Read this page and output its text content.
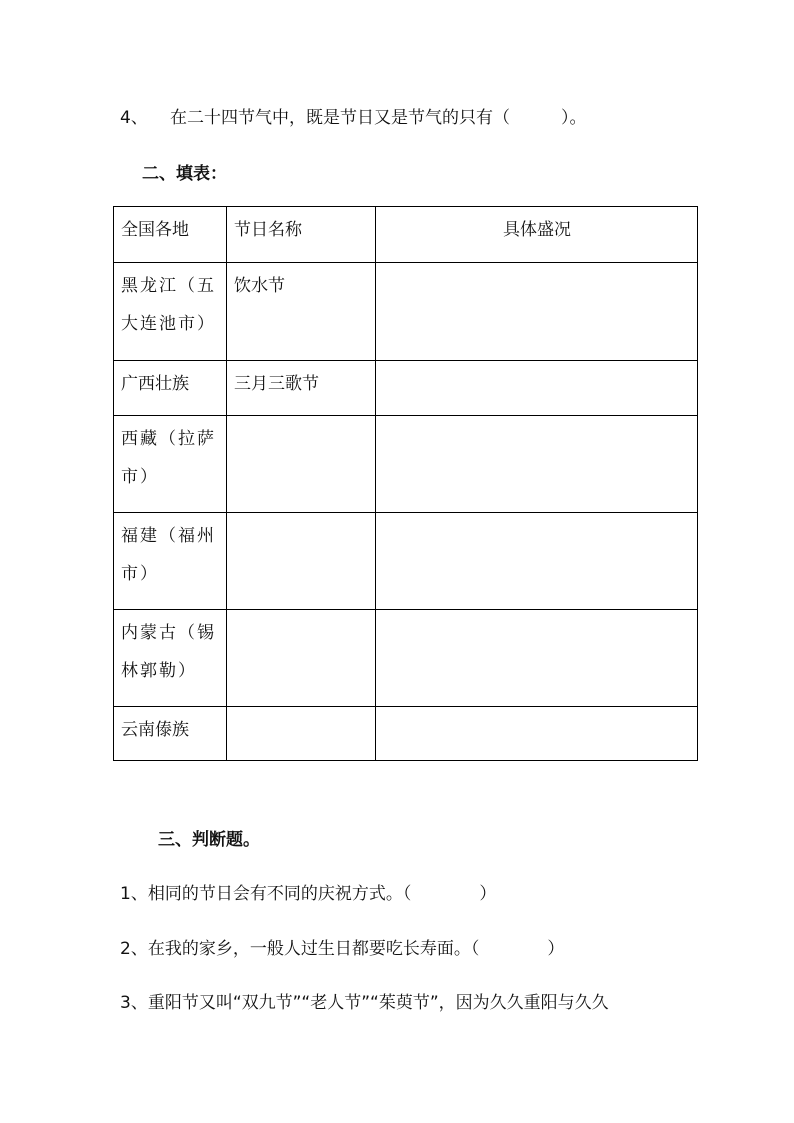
4、 在二十四节气中，既是节日又是节气的只有（　　　）。
二、填表：
全国各地	节日名称	具体盛况

黑龙江（五大连池市）	饮水节	
广西壮族	三月三歌节	

西藏（拉萨市）		

福建（福州市）		

内蒙古（锡林郭勒）		

云南傣族		
三、判断题。
1、相同的节日会有不同的庆祝方式。（　　　　）
2、在我的家乡，一般人过生日都要吃长寿面。（　　　　）
3、重阳节又叫“双九节”“老人节”“茱萸节”，因为久久重阳与久久
